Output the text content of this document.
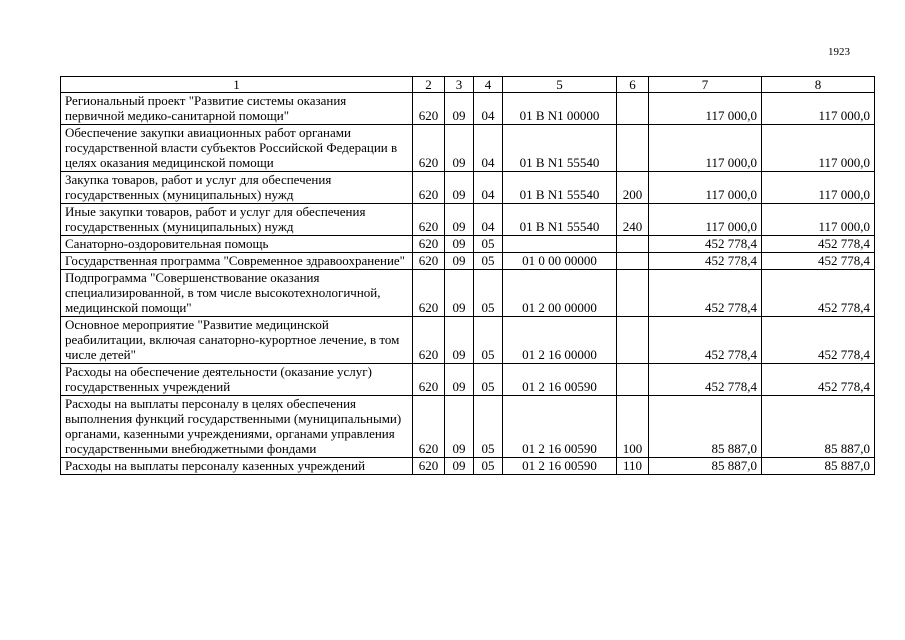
1923
1	2	3	4	5	6	7	8
Региональный проект "Развитие системы оказания первичной медико-санитарной помощи"	620	09	04	01 В N1 00000		117 000,0	117 000,0
Обеспечение закупки авиационных работ органами государственной власти субъектов Российской Федерации в целях оказания медицинской помощи	620	09	04	01 В N1 55540		117 000,0	117 000,0
Закупка товаров, работ и услуг для обеспечения государственных (муниципальных) нужд	620	09	04	01 В N1 55540	200	117 000,0	117 000,0
Иные закупки товаров, работ и услуг для обеспечения государственных (муниципальных) нужд	620	09	04	01 В N1 55540	240	117 000,0	117 000,0
Санаторно-оздоровительная помощь	620	09	05			452 778,4	452 778,4
Государственная программа "Современное здравоохранение"	620	09	05	01 0 00 00000		452 778,4	452 778,4
Подпрограмма "Совершенствование оказания специализированной, в том числе высокотехнологичной, медицинской помощи"	620	09	05	01 2 00 00000		452 778,4	452 778,4
Основное мероприятие "Развитие медицинской реабилитации, включая санаторно-курортное лечение, в том числе детей"	620	09	05	01 2 16 00000		452 778,4	452 778,4
Расходы на обеспечение деятельности (оказание услуг) государственных учреждений	620	09	05	01 2 16 00590		452 778,4	452 778,4
Расходы на выплаты персоналу в целях обеспечения выполнения функций государственными (муниципальными) органами, казенными учреждениями, органами управления государственными внебюджетными фондами	620	09	05	01 2 16 00590	100	85 887,0	85 887,0
Расходы на выплаты персоналу казенных учреждений	620	09	05	01 2 16 00590	110	85 887,0	85 887,0
